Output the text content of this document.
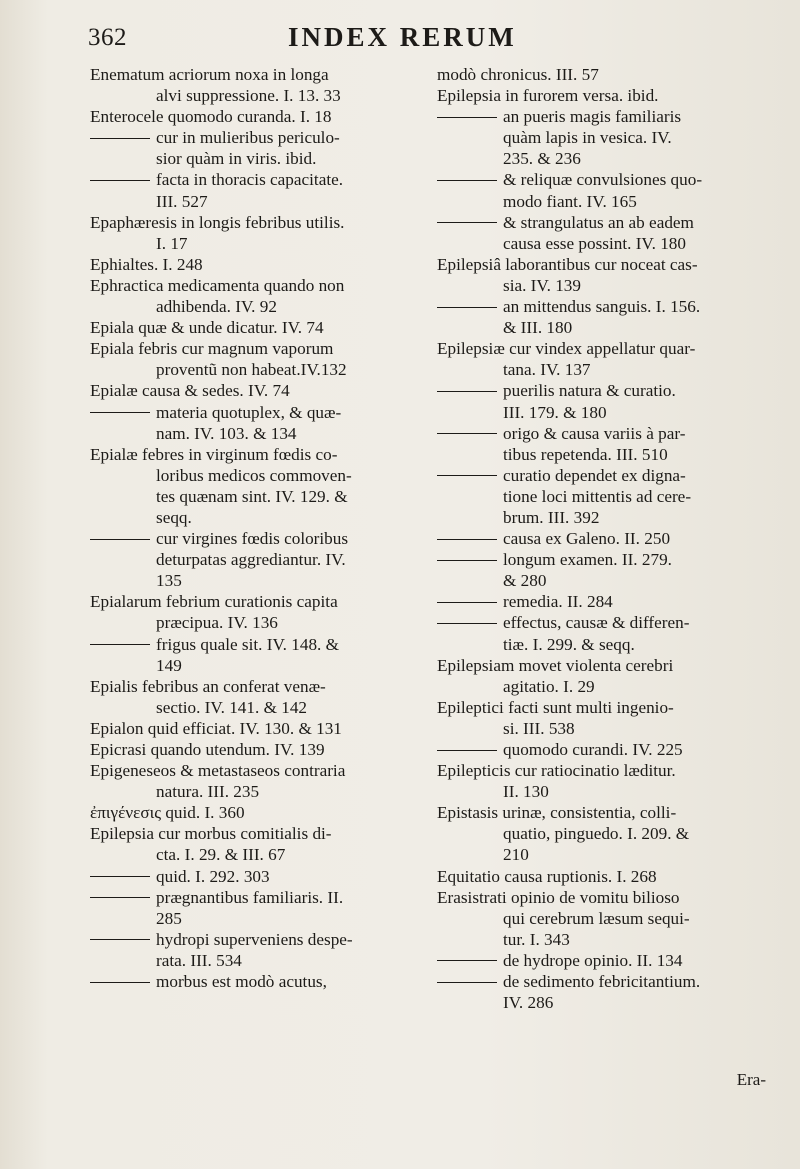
362	INDEX RERUM
Enematum acriorum noxa in longa
alvi suppressione. I. 13. 33
Enterocele quomodo curanda. I. 18
cur in mulieribus periculo-
sior quàm in viris. ibid.
facta in thoracis capacitate.
III. 527
Epaphæresis in longis febribus utilis.
I. 17
Ephialtes. I. 248
Ephractica medicamenta quando non
adhibenda. IV. 92
Epiala quæ & unde dicatur. IV. 74
Epiala febris cur magnum vaporum
proventũ non habeat.IV.132
Epialæ causa & sedes. IV. 74
materia quotuplex, & quæ-
nam. IV. 103. & 134
Epialæ febres in virginum fœdis co-
loribus medicos commoven-
tes quænam sint. IV. 129. &
seqq.
cur virgines fœdis coloribus
deturpatas aggrediantur. IV.
135
Epialarum febrium curationis capita
præcipua. IV. 136
frigus quale sit. IV. 148. &
149
Epialis febribus an conferat venæ-
sectio. IV. 141. & 142
Epialon quid efficiat. IV. 130. & 131
Epicrasi quando utendum. IV. 139
Epigeneseos & metastaseos contraria
natura. III. 235
ἐπιγένεσις quid. I. 360
Epilepsia cur morbus comitialis di-
cta. I. 29. & III. 67
quid. I. 292. 303
prægnantibus familiaris. II.
285
hydropi superveniens despe-
rata. III. 534
morbus est modò acutus,
modò chronicus. III. 57
Epilepsia in furorem versa. ibid.
an pueris magis familiaris
quàm lapis in vesica. IV.
235. & 236
& reliquæ convulsiones quo-
modo fiant. IV. 165
& strangulatus an ab eadem
causa esse possint. IV. 180
Epilepsiâ laborantibus cur noceat cas-
sia. IV. 139
an mittendus sanguis. I. 156.
& III. 180
Epilepsiæ cur vindex appellatur quar-
tana. IV. 137
puerilis natura & curatio.
III. 179. & 180
origo & causa variis à par-
tibus repetenda. III. 510
curatio dependet ex digna-
tione loci mittentis ad cere-
brum. III. 392
causa ex Galeno. II. 250
longum examen. II. 279.
& 280
remedia. II. 284
effectus, causæ & differen-
tiæ. I. 299. & seqq.
Epilepsiam movet violenta cerebri
agitatio. I. 29
Epileptici facti sunt multi ingenio-
si. III. 538
quomodo curandi. IV. 225
Epilepticis cur ratiocinatio læditur.
II. 130
Epistasis urinæ, consistentia, colli-
quatio, pinguedo. I. 209. &
210
Equitatio causa ruptionis. I. 268
Erasistrati opinio de vomitu bilioso
qui cerebrum læsum sequi-
tur. I. 343
de hydrope opinio. II. 134
de sedimento febricitantium.
IV. 286
Era-
